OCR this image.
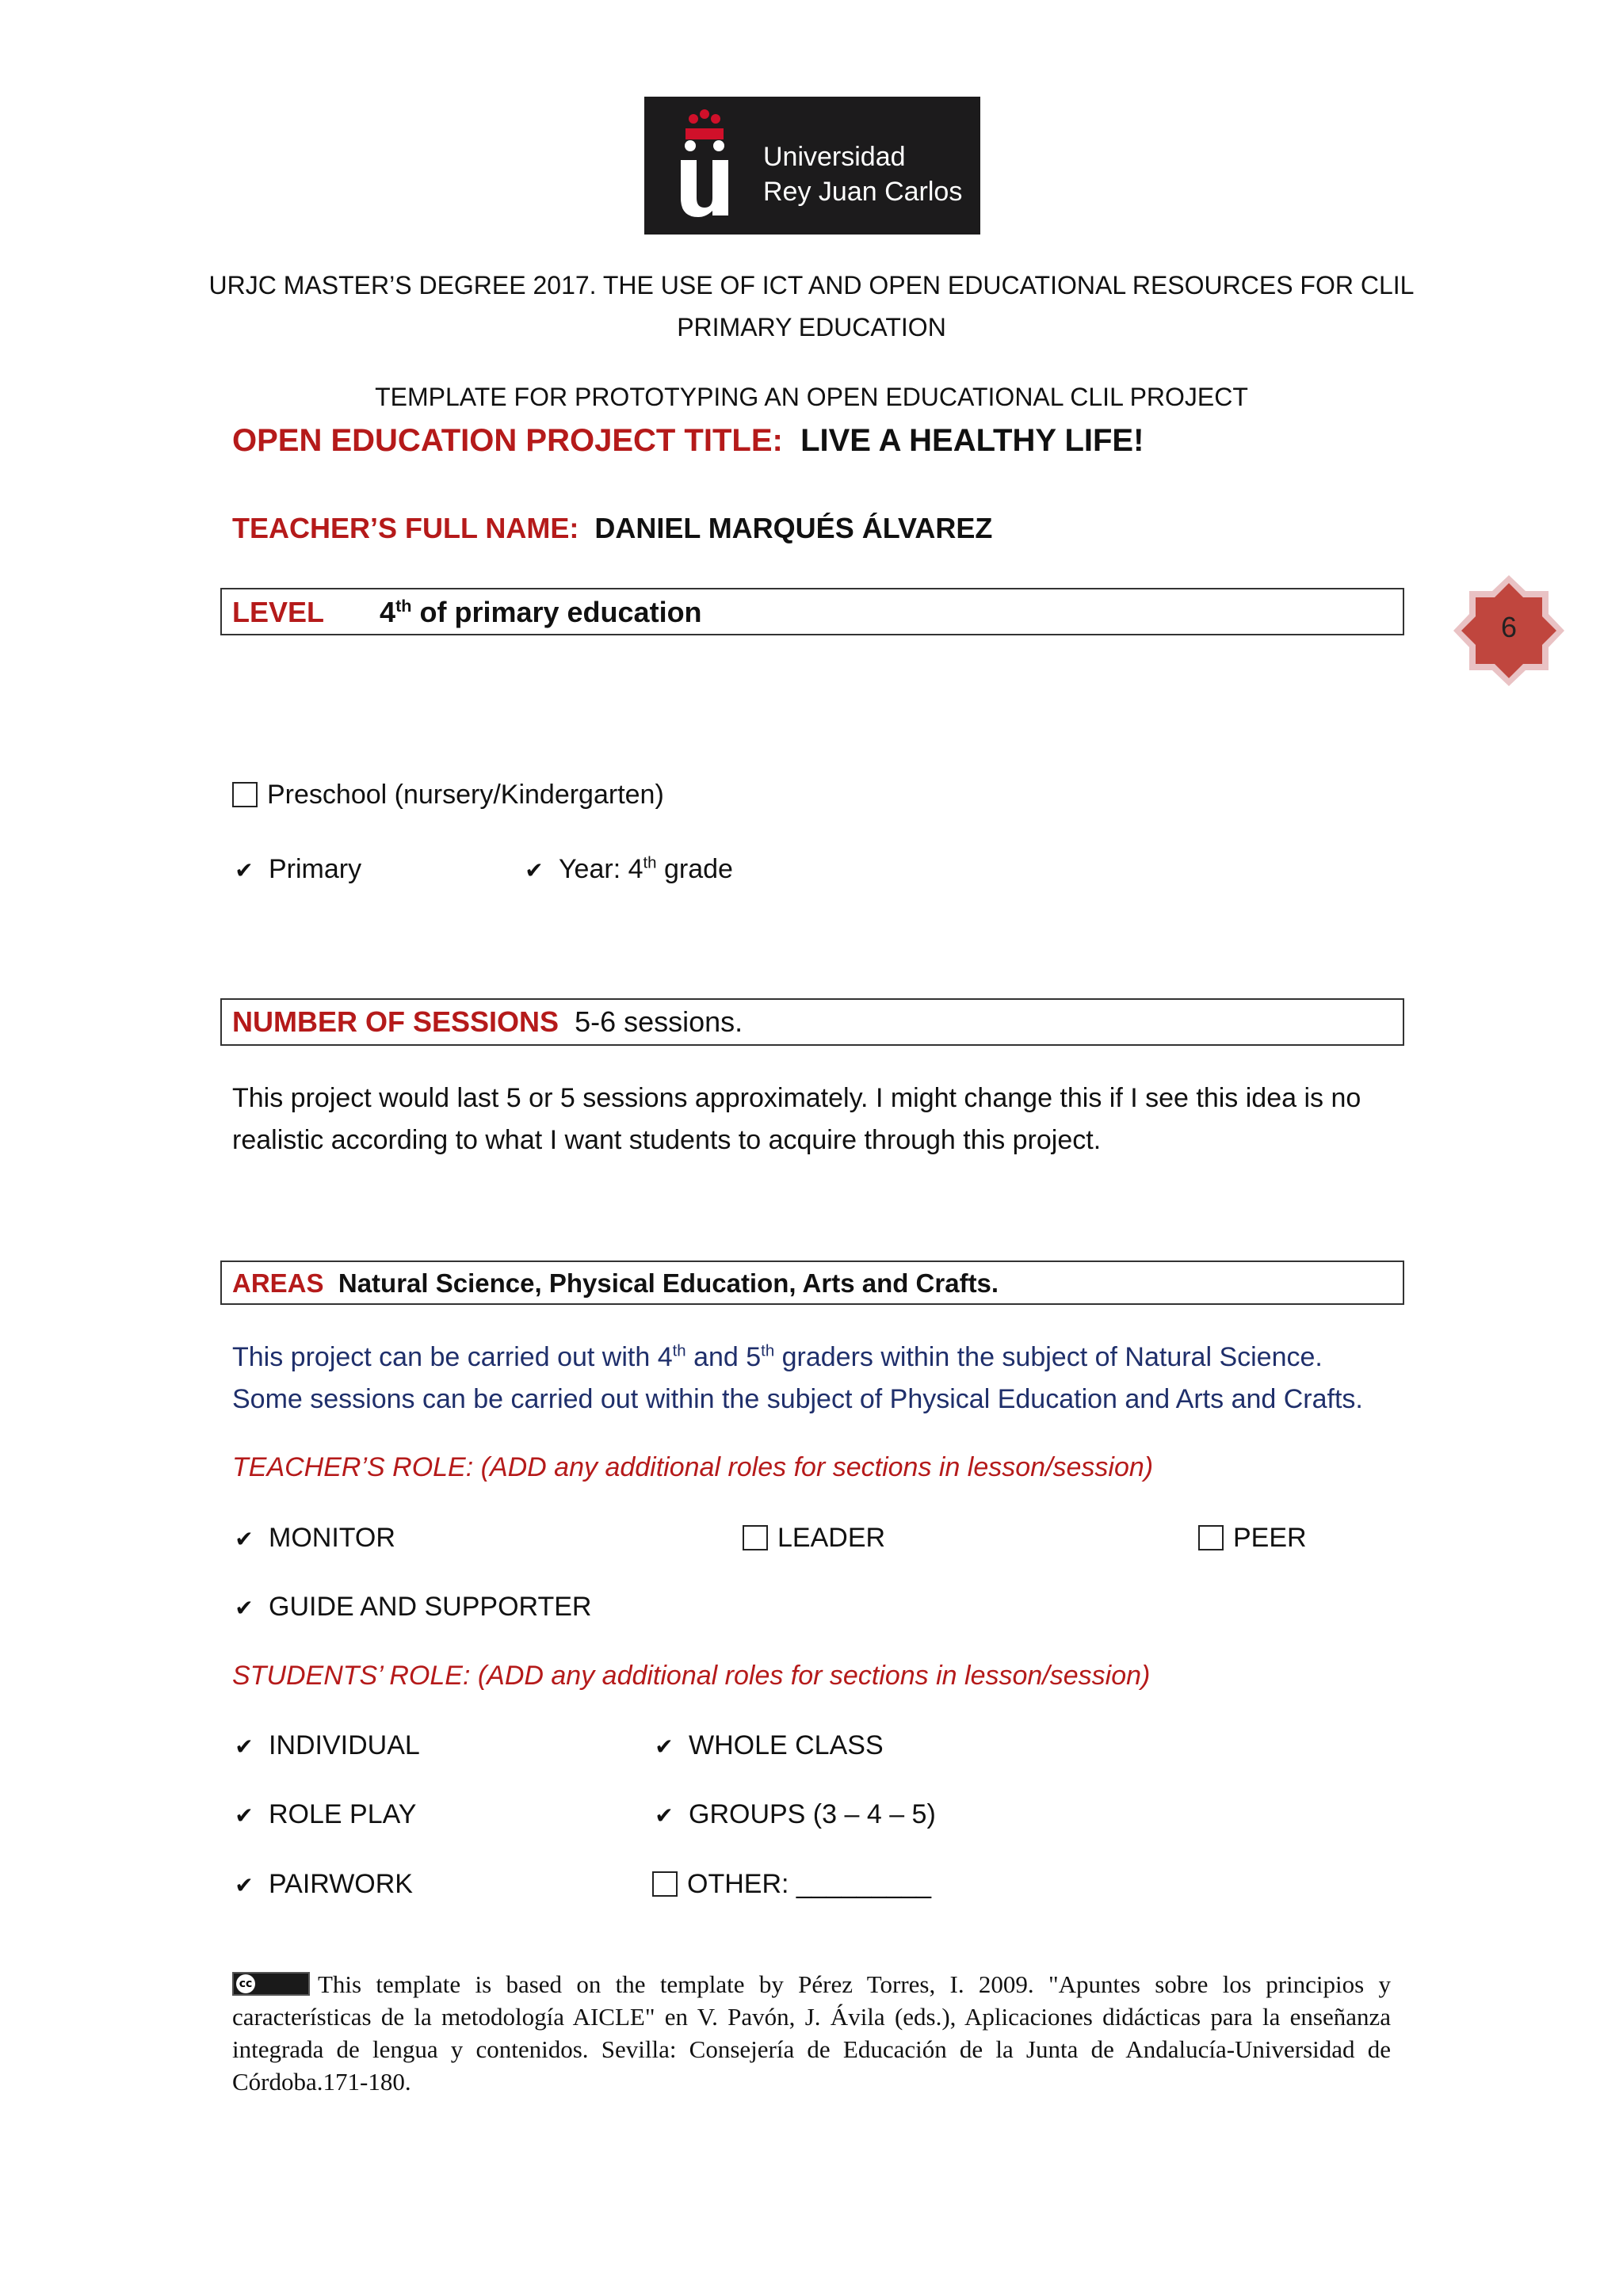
Universidad
Rey Juan Carlos
URJC MASTER’S DEGREE 2017. THE USE OF ICT AND OPEN EDUCATIONAL RESOURCES FOR CLIL
PRIMARY EDUCATION
TEMPLATE FOR PROTOTYPING AN OPEN EDUCATIONAL CLIL PROJECT
OPEN EDUCATION PROJECT TITLE: LIVE A HEALTHY LIFE!
TEACHER’S FULL NAME: DANIEL MARQUÉS ÁLVAREZ
LEVEL 4th of primary education	6
Preschool (nursery/Kindergarten)
✔ Primary	✔ Year: 4th grade
NUMBER OF SESSIONS 5-6 sessions.
This project would last 5 or 5 sessions approximately. I might change this if I see this idea is no
realistic according to what I want students to acquire through this project.
AREAS Natural Science, Physical Education, Arts and Crafts.
This project can be carried out with 4th and 5th graders within the subject of Natural Science.
Some sessions can be carried out within the subject of Physical Education and Arts and Crafts.
TEACHER’S ROLE: (ADD any additional roles for sections in lesson/session)
✔ MONITOR	LEADER	PEER
✔ GUIDE AND SUPPORTER
STUDENTS’ ROLE: (ADD any additional roles for sections in lesson/session)
✔ INDIVIDUAL	✔ WHOLE CLASS
✔ ROLE PLAY	✔ GROUPS (3 – 4 – 5)
✔ PAIRWORK	OTHER: _________
cc	This template is based on the template by Pérez Torres, I. 2009. "Apuntes sobre los principios y características de la metodología AICLE" en V. Pavón, J. Ávila (eds.), Aplicaciones didácticas para la enseñanza integrada de lengua y contenidos. Sevilla: Consejería de Educación de la Junta de Andalucía-Universidad de Córdoba.171-180.
